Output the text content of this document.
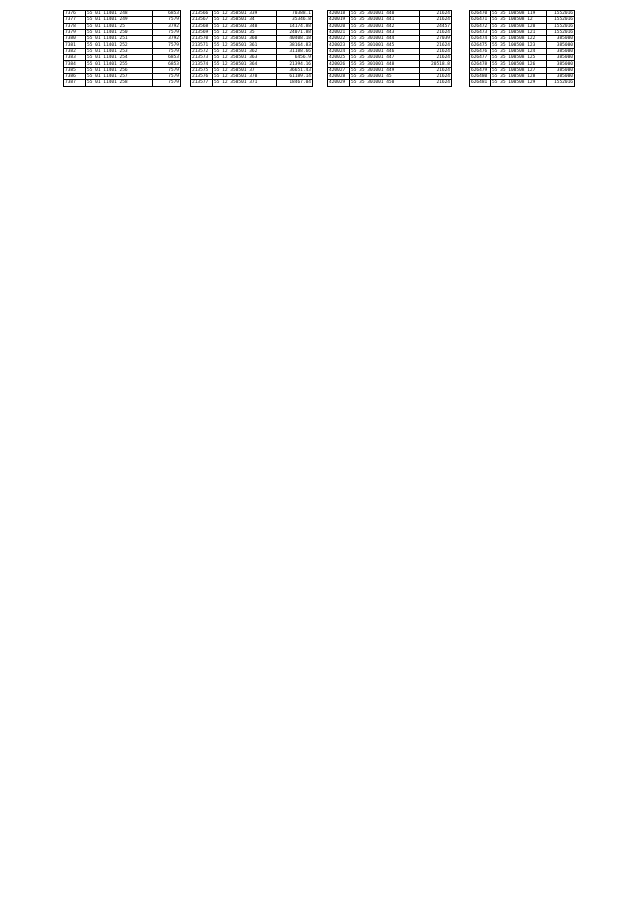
7376	55 01 11401 248	6853
7377	55 01 11401 249	7579
7378	55 01 11401 25	3792
7379	55 01 11401 250	7579
7380	55 01 11401 251	3792
7381	55 01 11401 252	7579
7382	55 01 11401 253	7579
7383	55 01 11401 254	6853
7384	55 01 11401 255	6853
7385	55 01 11401 256	7579
7386	55 01 11401 257	7579
7387	55 01 11401 258	7579
213566	55 12 350501 339	70388.1
213567	55 12 350501 34	35346.8
213568	55 12 350501 340	14174.88
213569	55 12 350501 35	24071.88
213570	55 12 350501 360	40408.18
213571	55 12 350501 361	38164.83
213572	55 12 350501 362	31188.66
213573	55 12 350501 363	6456.9
213574	55 12 350501 364	21394.16
213575	55 12 350501 37	36651.43
213576	55 12 350501 370	61189.14
213577	55 12 350501 371	18467.04
420018	55 35 301001 440	21624
420019	55 35 301001 441	21624
420020	55 35 301001 442	24457
420021	55 35 301001 443	21624
420022	55 35 301001 444	27039
420023	55 35 301001 445	21624
420024	55 35 301001 446	21624
420025	55 35 301001 447	21624
420026	55 35 301001 448	20518.8
420027	55 35 301001 449	21624
420028	55 35 301001 45	21624
420029	55 35 301001 450	21624
626470	55 35 100508 119	1552016
626471	55 35 100508 12	1552016
626472	55 35 100508 120	1552016
626473	55 35 100508 121	1552016
626474	55 35 100508 122	385000
626475	55 35 100508 123	385000
626476	55 35 100508 124	385000
626477	55 35 100508 125	385000
626478	55 35 100508 126	385000
626479	55 35 100508 127	385000
626480	55 35 100508 128	385000
626481	55 35 100508 129	1552016
